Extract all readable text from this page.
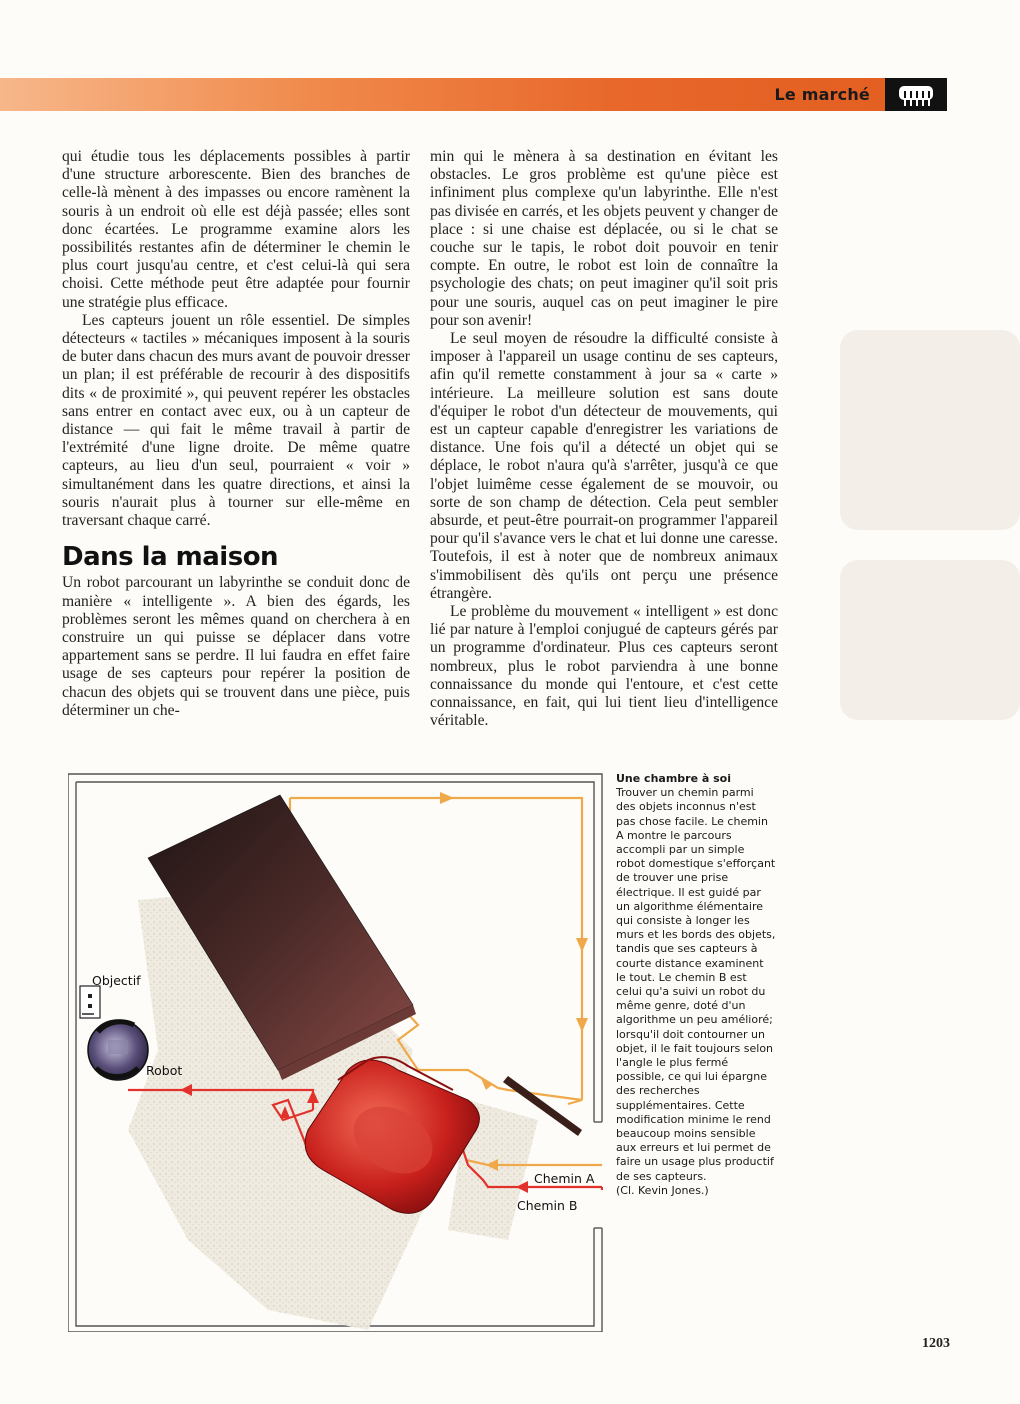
Le marché

qui étudie tous les déplacements possibles à partir d'une structure arborescente. Bien des branches de celle-là mènent à des impasses ou encore ramènent la souris à un endroit où elle est déjà passée; elles sont donc écartées. Le programme examine alors les possibilités restantes afin de déterminer le chemin le plus court jusqu'au centre, et c'est celui-là qui sera choisi. Cette méthode peut être adaptée pour fournir une stratégie plus efficace.

Les capteurs jouent un rôle essentiel. De simples détecteurs « tactiles » mécaniques imposent à la souris de buter dans chacun des murs avant de pouvoir dresser un plan; il est préférable de recourir à des dispositifs dits « de proximité », qui peuvent repérer les obstacles sans entrer en contact avec eux, ou à un capteur de distance — qui fait le même travail à partir de l'extrémité d'une ligne droite. De même quatre capteurs, au lieu d'un seul, pourraient « voir » simultanément dans les quatre directions, et ainsi la souris n'aurait plus à tourner sur elle-même en traversant chaque carré.

Dans la maison

Un robot parcourant un labyrinthe se conduit donc de manière « intelligente ». A bien des égards, les problèmes seront les mêmes quand on cherchera à en construire un qui puisse se déplacer dans votre appartement sans se perdre. Il lui faudra en effet faire usage de ses capteurs pour repérer la position de chacun des objets qui se trouvent dans une pièce, puis déterminer un che-

min qui le mènera à sa destination en évitant les obstacles. Le gros problème est qu'une pièce est infiniment plus complexe qu'un labyrinthe. Elle n'est pas divisée en carrés, et les objets peuvent y changer de place : si une chaise est déplacée, ou si le chat se couche sur le tapis, le robot doit pouvoir en tenir compte. En outre, le robot est loin de connaître la psychologie des chats; on peut imaginer qu'il soit pris pour une souris, auquel cas on peut imaginer le pire pour son avenir!

Le seul moyen de résoudre la difficulté consiste à imposer à l'appareil un usage continu de ses capteurs, afin qu'il remette constamment à jour sa « carte » intérieure. La meilleure solution est sans doute d'équiper le robot d'un détecteur de mouvements, qui est un capteur capable d'enregistrer les variations de distance. Une fois qu'il a détecté un objet qui se déplace, le robot n'aura qu'à s'arrêter, jusqu'à ce que l'objet luimême cesse également de se mouvoir, ou sorte de son champ de détection. Cela peut sembler absurde, et peut-être pourrait-on programmer l'appareil pour qu'il s'avance vers le chat et lui donne une caresse. Toutefois, il est à noter que de nombreux animaux s'immobilisent dès qu'ils ont perçu une présence étrangère.

Le problème du mouvement « intelligent » est donc lié par nature à l'emploi conjugué de capteurs gérés par un programme d'ordinateur. Plus ces capteurs seront nombreux, plus le robot parviendra à une bonne connaissance du monde qui l'entoure, et c'est cette connaissance, en fait, qui lui tient lieu d'intelligence véritable.

Objectif
Robot
Chemin A
Chemin B
Une chambre à soi
Trouver un chemin parmi des objets inconnus n'est pas chose facile. Le chemin A montre le parcours accompli par un simple robot domestique s'efforçant de trouver une prise électrique. Il est guidé par un algorithme élémentaire qui consiste à longer les murs et les bords des objets, tandis que ses capteurs à courte distance examinent le tout. Le chemin B est celui qu'a suivi un robot du même genre, doté d'un algorithme un peu amélioré; lorsqu'il doit contourner un objet, il le fait toujours selon l'angle le plus fermé possible, ce qui lui épargne des recherches supplémentaires. Cette modification minime le rend beaucoup moins sensible aux erreurs et lui permet de faire un usage plus productif de ses capteurs.
(Cl. Kevin Jones.)
1203
